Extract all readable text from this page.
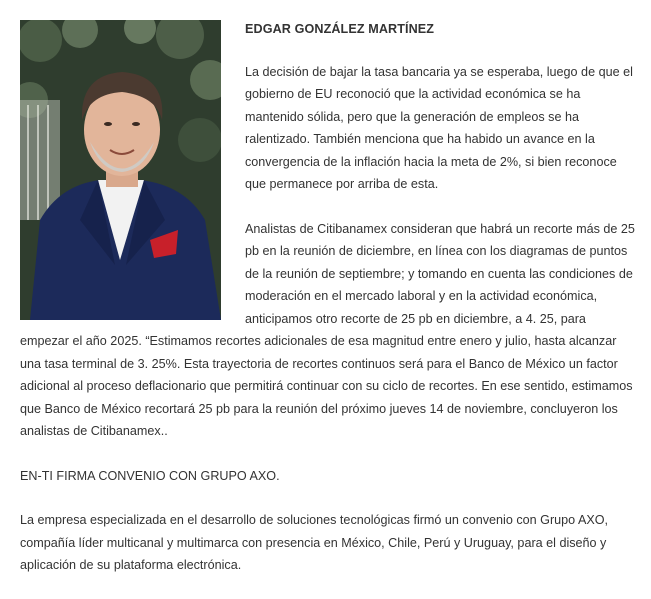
EDGAR GONZÁLEZ MARTÍNEZ

La decisión de bajar la tasa bancaria ya se esperaba, luego de que el gobierno de EU reconoció que la actividad económica se ha mantenido sólida, pero que la generación de empleos se ha ralentizado. También menciona que ha habido un avance en la convergencia de la inflación hacia la meta de 2%, si bien reconoce que permanece por arriba de esta.

Analistas de Citibanamex consideran que habrá un recorte más de 25 pb en la reunión de diciembre, en línea con los diagramas de puntos de la reunión de septiembre; y tomando en cuenta las condiciones de moderación en el mercado laboral y en la actividad económica, anticipamos otro recorte de 25 pb en diciembre, a 4. 25, para empezar el año 2025. “Estimamos recortes adicionales de esa magnitud entre enero y julio, hasta alcanzar una tasa terminal de 3. 25%. Esta trayectoria de recortes continuos será para el Banco de México un factor adicional al proceso deflacionario que permitirá continuar con su ciclo de recortes. En ese sentido, estimamos que Banco de México recortará 25 pb para la reunión del próximo jueves 14 de noviembre, concluyeron los analistas de Citibanamex..

EN-TI FIRMA CONVENIO CON GRUPO AXO.

La empresa especializada en el desarrollo de soluciones tecnológicas firmó un convenio con Grupo AXO, compañía líder multicanal y multimarca con presencia en México, Chile, Perú y Uruguay, para el diseño y aplicación de su plataforma electrónica.
